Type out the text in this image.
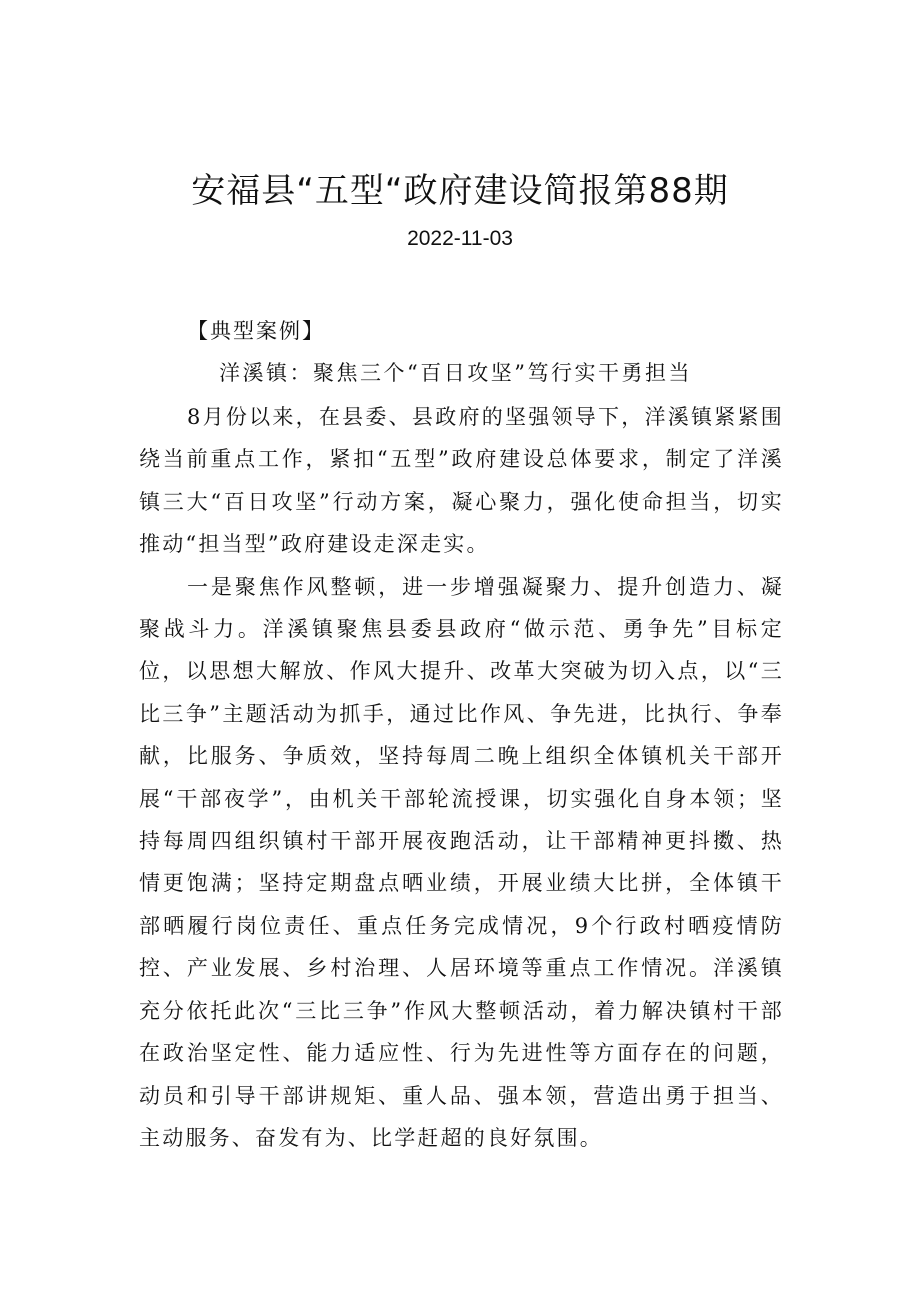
安福县“五型“政府建设简报第88期
2022-11-03
【典型案例】
洋溪镇：聚焦三个“百日攻坚”笃行实干勇担当

8月份以来，在县委、县政府的坚强领导下，洋溪镇紧紧围绕当前重点工作，紧扣“五型”政府建设总体要求，制定了洋溪镇三大“百日攻坚”行动方案，凝心聚力，强化使命担当，切实推动“担当型”政府建设走深走实。

一是聚焦作风整顿，进一步增强凝聚力、提升创造力、凝聚战斗力。洋溪镇聚焦县委县政府“做示范、勇争先”目标定位，以思想大解放、作风大提升、改革大突破为切入点，以“三比三争”主题活动为抓手，通过比作风、争先进，比执行、争奉献，比服务、争质效，坚持每周二晚上组织全体镇机关干部开展“干部夜学”，由机关干部轮流授课，切实强化自身本领；坚持每周四组织镇村干部开展夜跑活动，让干部精神更抖擞、热情更饱满；坚持定期盘点晒业绩，开展业绩大比拼，全体镇干部晒履行岗位责任、重点任务完成情况，9个行政村晒疫情防控、产业发展、乡村治理、人居环境等重点工作情况。洋溪镇充分依托此次“三比三争”作风大整顿活动，着力解决镇村干部在政治坚定性、能力适应性、行为先进性等方面存在的问题，动员和引导干部讲规矩、重人品、强本领，营造出勇于担当、主动服务、奋发有为、比学赶超的良好氛围。
